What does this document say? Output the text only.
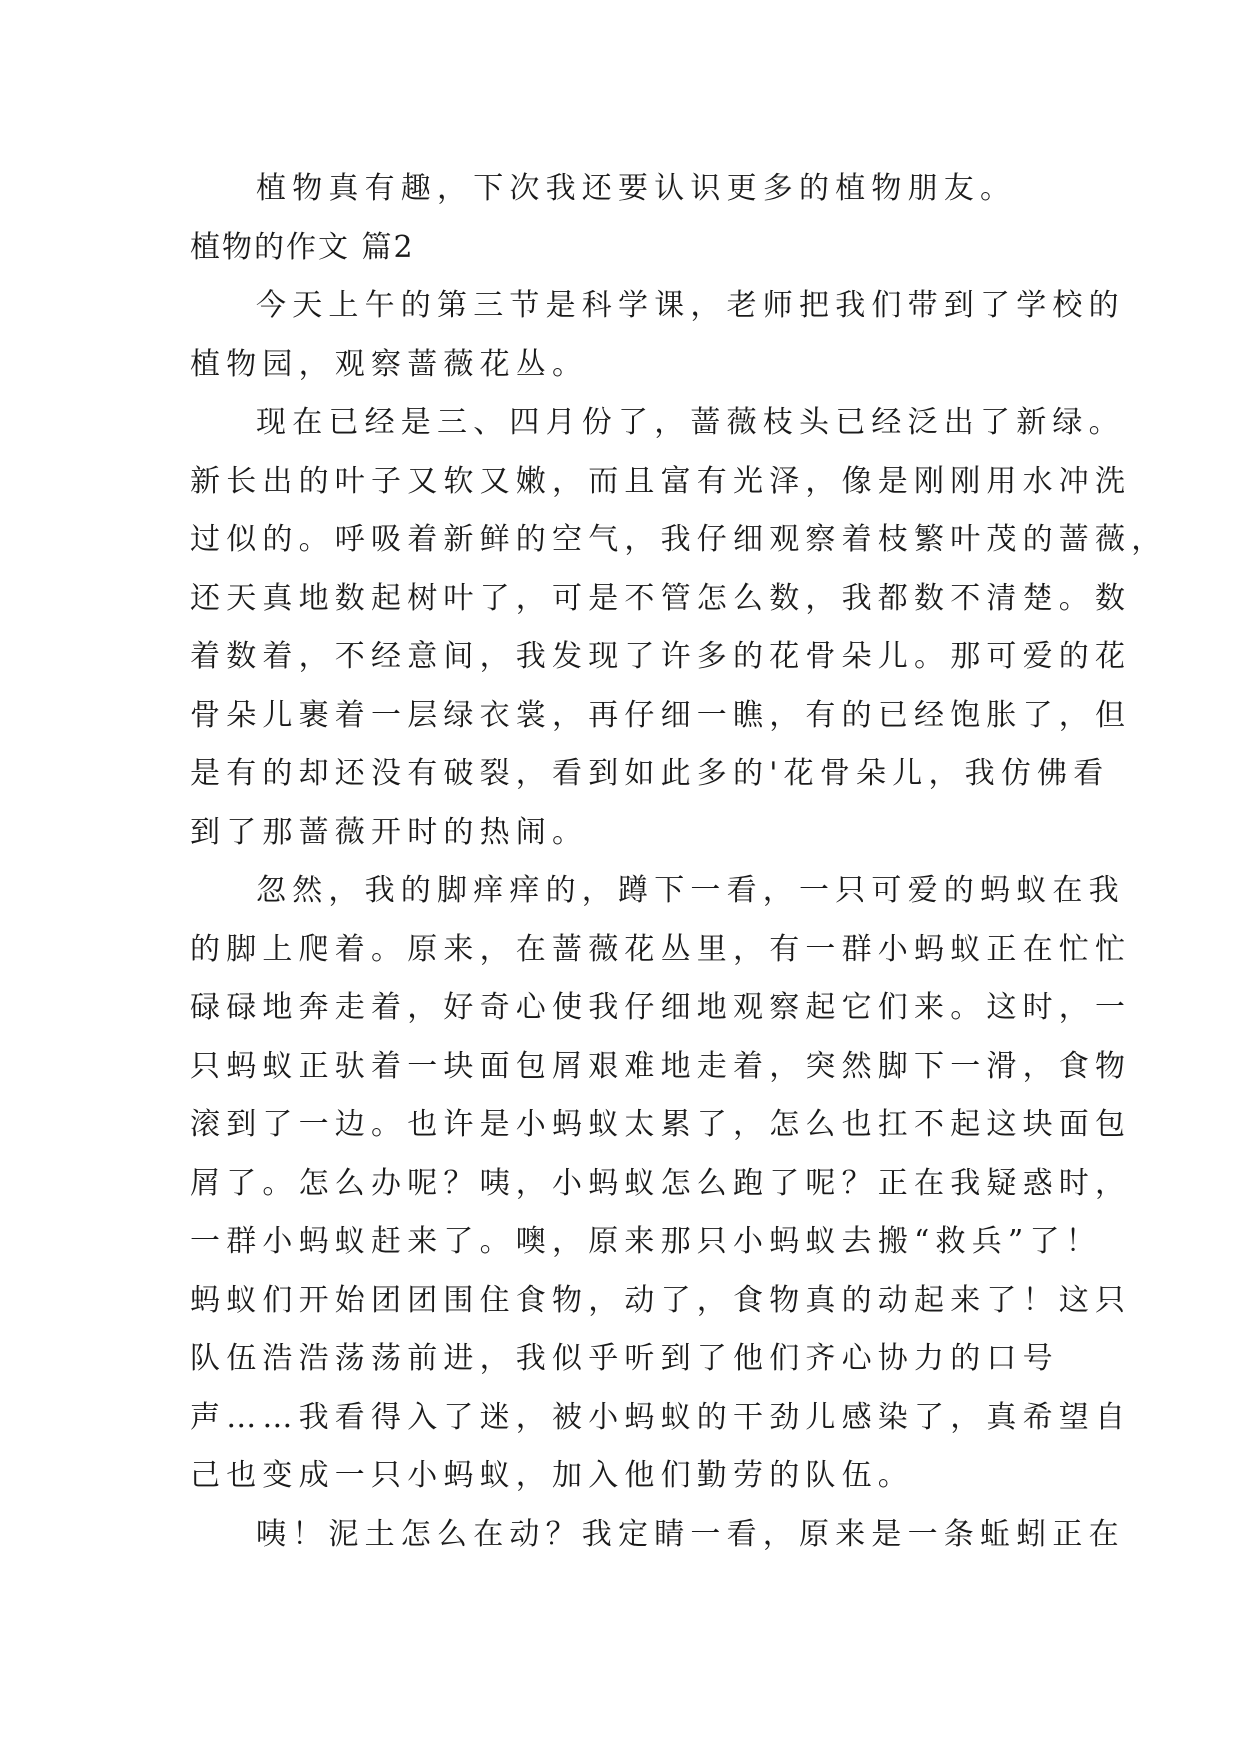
植物真有趣，下次我还要认识更多的植物朋友。
植物的作文 篇2
今天上午的第三节是科学课，老师把我们带到了学校的
植物园，观察蔷薇花丛。
现在已经是三、四月份了，蔷薇枝头已经泛出了新绿。
新长出的叶子又软又嫩，而且富有光泽，像是刚刚用水冲洗
过似的。呼吸着新鲜的空气，我仔细观察着枝繁叶茂的蔷薇，
还天真地数起树叶了，可是不管怎么数，我都数不清楚。数
着数着，不经意间，我发现了许多的花骨朵儿。那可爱的花
骨朵儿裹着一层绿衣裳，再仔细一瞧，有的已经饱胀了，但
是有的却还没有破裂，看到如此多的'花骨朵儿，我仿佛看
到了那蔷薇开时的热闹。
忽然，我的脚痒痒的，蹲下一看，一只可爱的蚂蚁在我
的脚上爬着。原来，在蔷薇花丛里，有一群小蚂蚁正在忙忙
碌碌地奔走着，好奇心使我仔细地观察起它们来。这时，一
只蚂蚁正驮着一块面包屑艰难地走着，突然脚下一滑，食物
滚到了一边。也许是小蚂蚁太累了，怎么也扛不起这块面包
屑了。怎么办呢？咦，小蚂蚁怎么跑了呢？正在我疑惑时，
一群小蚂蚁赶来了。噢，原来那只小蚂蚁去搬“救兵”了！
蚂蚁们开始团团围住食物，动了，食物真的动起来了！这只
队伍浩浩荡荡前进，我似乎听到了他们齐心协力的口号
声……我看得入了迷，被小蚂蚁的干劲儿感染了，真希望自
己也变成一只小蚂蚁，加入他们勤劳的队伍。
咦！泥土怎么在动？我定睛一看，原来是一条蚯蚓正在
